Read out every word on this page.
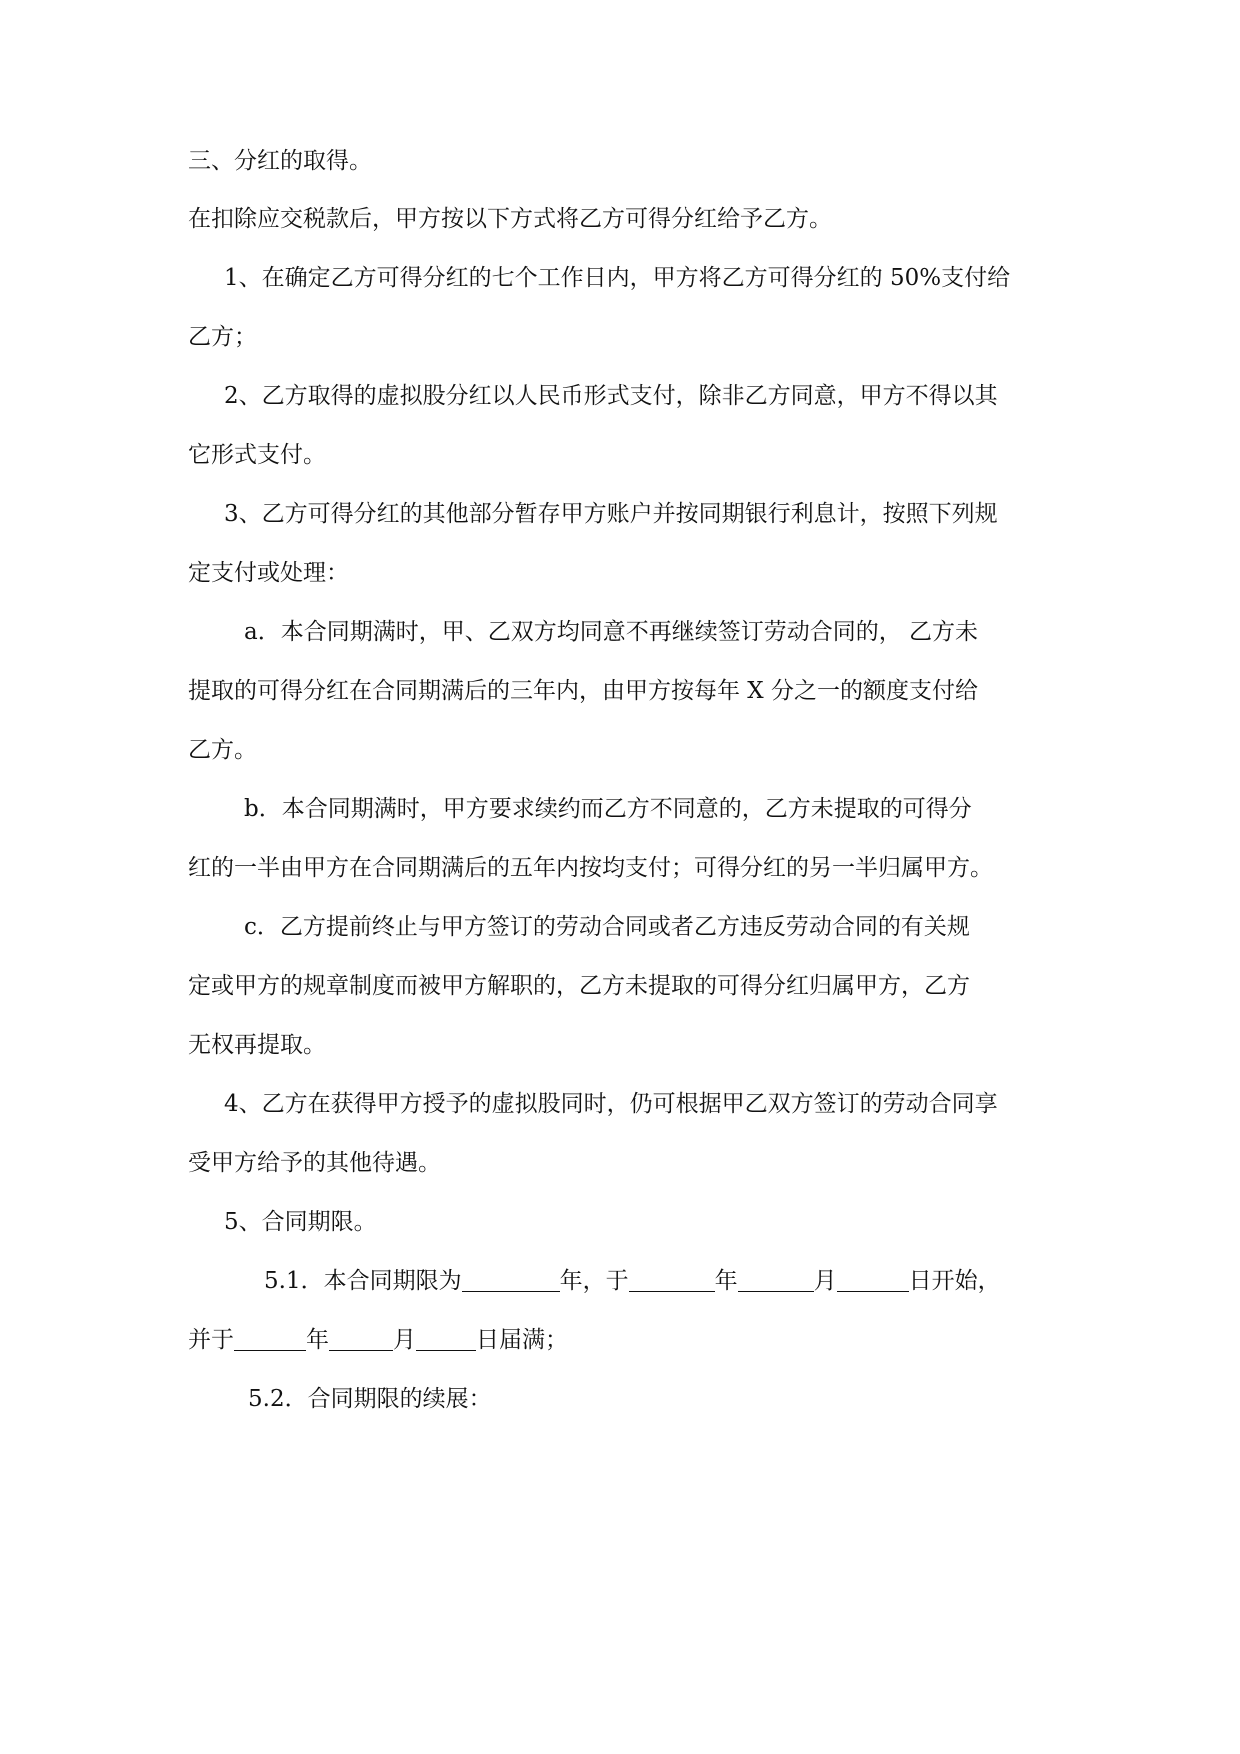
三、分红的取得。
在扣除应交税款后，甲方按以下方式将乙方可得分红给予乙方。
1、在确定乙方可得分红的七个工作日内，甲方将乙方可得分红的 50%支付给
乙方；
2、乙方取得的虚拟股分红以人民币形式支付，除非乙方同意，甲方不得以其
它形式支付。
3、乙方可得分红的其他部分暂存甲方账户并按同期银行利息计，按照下列规
定支付或处理：
a．本合同期满时，甲、乙双方均同意不再继续签订劳动合同的， 乙方未
提取的可得分红在合同期满后的三年内，由甲方按每年 X 分之一的额度支付给
乙方。
b．本合同期满时，甲方要求续约而乙方不同意的，乙方未提取的可得分
红的一半由甲方在合同期满后的五年内按均支付；可得分红的另一半归属甲方。
c．乙方提前终止与甲方签订的劳动合同或者乙方违反劳动合同的有关规
定或甲方的规章制度而被甲方解职的，乙方未提取的可得分红归属甲方，乙方
无权再提取。
4、乙方在获得甲方授予的虚拟股同时，仍可根据甲乙双方签订的劳动合同享
受甲方给予的其他待遇。
5、合同期限。
5.1．本合同期限为	年，于	年	月	日开始，
并于	年	月	日届满；
5.2．合同期限的续展：
